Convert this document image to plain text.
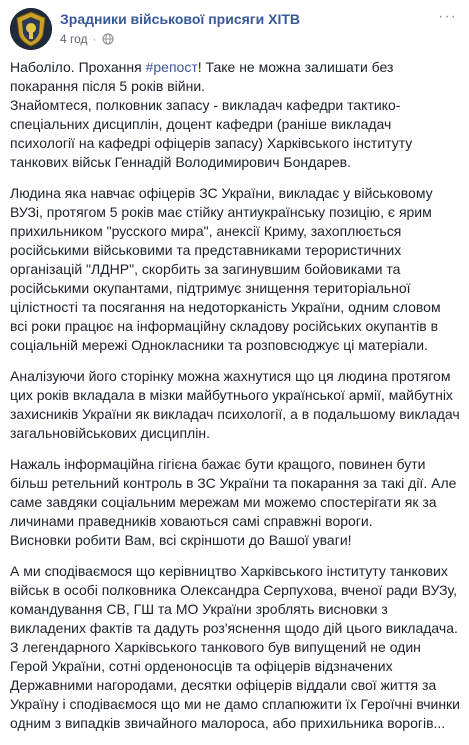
Зрадники військової присяги ХІТВ
4 год ·
···

Наболіло. Прохання #репост! Таке не можна залишати без
покарання після 5 років війни.
Знайомтеся, полковник запасу - викладач кафедри тактико-
спеціальних дисциплін, доцент кафедри (раніше викладач
психології на кафедрі офіцерів запасу) Харківського інституту
танкових військ Геннадій Володимирович Бондарев.

Людина яка навчає офіцерів ЗС України, викладає у військовому
ВУЗі, протягом 5 років має стійку антиукраїнську позицію, є ярим
прихильником "русского мира", анексії Криму, захоплюється
російськими військовими та представниками терористичних
організацій "ЛДНР", скорбить за загинувшим бойовиками та
російськими окупантами, підтримує знищення територіальної
цілістності та посягання на недоторканість України, одним словом
всі роки працює на інформаційну складову російських окупантів в
соціальній мережі Однокласники та розповсюджує ці матеріали.

Аналізуючи його сторінку можна жахнутися що ця людина протягом
цих років вкладала в мізки майбутнього української армії, майбутніх
захисників України як викладач психології, а в подальшому викладач
загальновійськових дисциплін.

Нажаль інформаційна гігієна бажає бути кращого, повинен бути
більш ретельний контроль в ЗС України та покарання за такі дії. Але
саме завдяки соціальним мережам ми можемо спостерігати як за
личинами праведників ховаються самі справжні вороги.
Висновки робити Вам, всі скріншоти до Вашої уваги!

А ми сподіваємося що керівництво Харківського інституту танкових
військ в особі полковника Олександра Серпухова, вченої ради ВУЗу,
командування СВ, ГШ та МО України зроблять висновки з
викладених фактів та дадуть роз'яснення щодо дій цього викладача.
З легендарного Харківського танкового був випущений не один
Герой України, сотні орденоносців та офіцерів відзначених
Державними нагородами, десятки офіцерів віддали свої життя за
Україну і сподіваємося що ми не дамо сплапюжити їх Героїчні вчинки
одним з випадків звичайного малороса, або прихильника ворогів...
